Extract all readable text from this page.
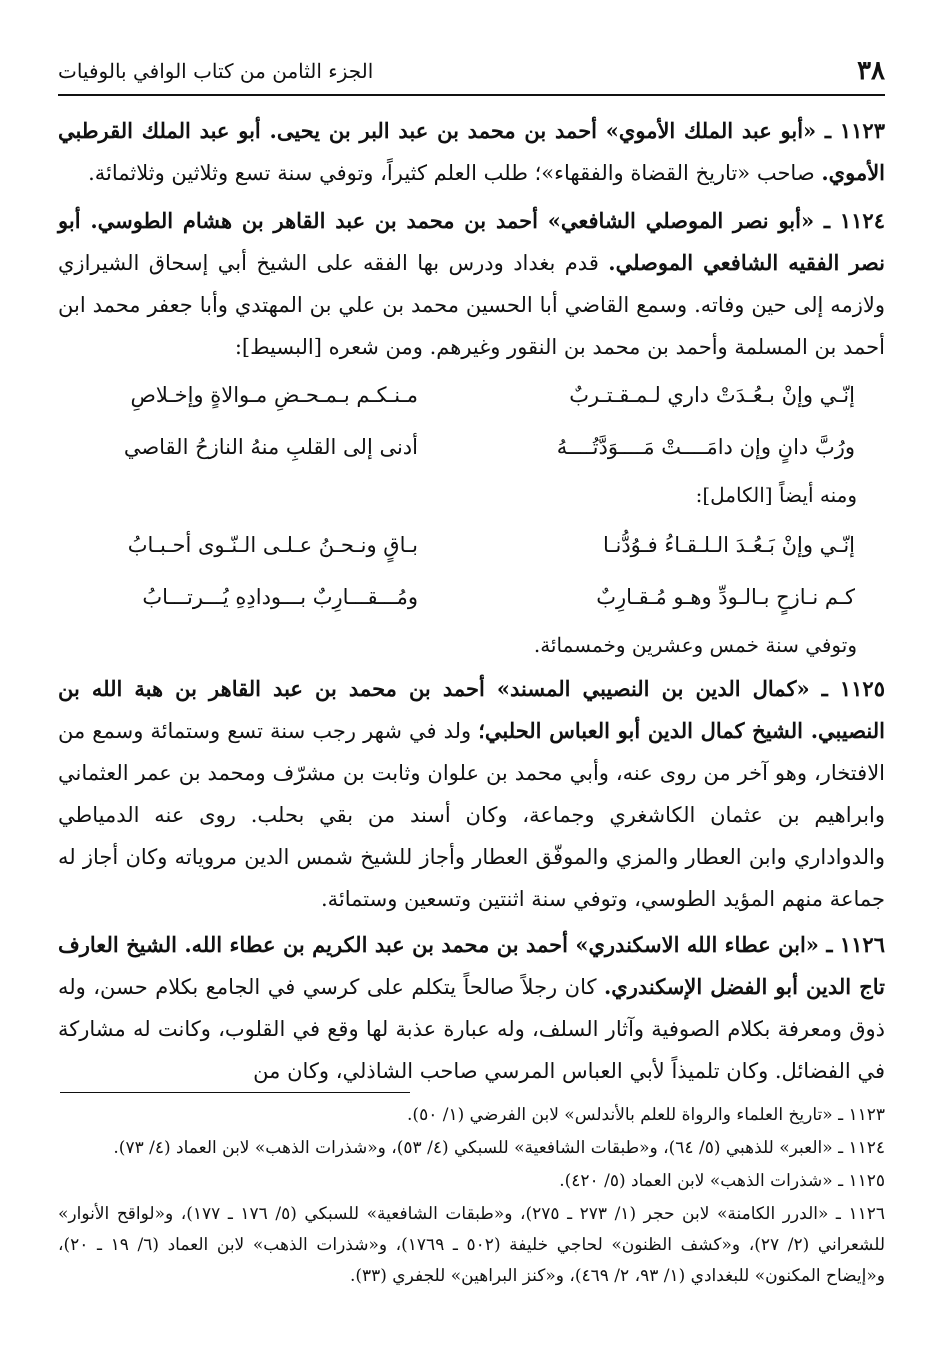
٣٨
الجزء الثامن من كتاب الوافي بالوفيات

١١٢٣ ـ «أبو عبد الملك الأموي» أحمد بن محمد بن عبد البر بن يحيى. أبو عبد الملك القرطبي الأموي. صاحب «تاريخ القضاة والفقهاء»؛ طلب العلم كثيراً، وتوفي سنة تسع وثلاثين وثلاثمائة.

١١٢٤ ـ «أبو نصر الموصلي الشافعي» أحمد بن محمد بن عبد القاهر بن هشام الطوسي. أبو نصر الفقيه الشافعي الموصلي. قدم بغداد ودرس بها الفقه على الشيخ أبي إسحاق الشيرازي ولازمه إلى حين وفاته. وسمع القاضي أبا الحسين محمد بن علي بن المهتدي وأبا جعفر محمد ابن أحمد بن المسلمة وأحمد بن محمد بن النقور وغيرهم. ومن شعره [البسيط]:

إنّـي وإنْ بـعُـدَتْ داري لـمـقـتـربٌ
مـنـكـم بـمـحـضِ مـوالاةٍ وإخـلاصِ
ورُبَّ دانٍ وإن دامَــــتْ مَــــوَدَّتُــــهُ
أدنى إلى القلبِ منهُ النازحُ القاصي

ومنه أيضاً [الكامل]:

إنّـي وإنْ بَـعُـدَ الـلـقـاءُ فـوُدُّنـا
بـاقٍ ونـحـنُ عـلـى الـنّـوى أحـبـابُ
كـم نـازحٍ بـالـودِّ وهـو مُـقـارِبٌ
ومُـــقـــارِبٌ بـــودادِهِ يُـــرتـــابُ

وتوفي سنة خمس وعشرين وخمسمائة.

١١٢٥ ـ «كمال الدين بن النصيبي المسند» أحمد بن محمد بن عبد القاهر بن هبة الله بن النصيبي. الشيخ كمال الدين أبو العباس الحلبي؛ ولد في شهر رجب سنة تسع وستمائة وسمع من الافتخار، وهو آخر من روى عنه، وأبي محمد بن علوان وثابت بن مشرّف ومحمد بن عمر العثماني وابراهيم بن عثمان الكاشغري وجماعة، وكان أسند من بقي بحلب. روى عنه الدمياطي والدواداري وابن العطار والمزي والموفّق العطار وأجاز للشيخ شمس الدين مروياته وكان أجاز له جماعة منهم المؤيد الطوسي، وتوفي سنة اثنتين وتسعين وستمائة.

١١٢٦ ـ «ابن عطاء الله الاسكندري» أحمد بن محمد بن عبد الكريم بن عطاء الله. الشيخ العارف تاج الدين أبو الفضل الإسكندري. كان رجلاً صالحاً يتكلم على كرسي في الجامع بكلام حسن، وله ذوق ومعرفة بكلام الصوفية وآثار السلف، وله عبارة عذبة لها وقع في القلوب، وكانت له مشاركة في الفضائل. وكان تلميذاً لأبي العباس المرسي صاحب الشاذلي، وكان من

١١٢٣ ـ «تاريخ العلماء والرواة للعلم بالأندلس» لابن الفرضي (١/ ٥٠).

١١٢٤ ـ «العبر» للذهبي (٥/ ٦٤)، و«طبقات الشافعية» للسبكي (٤/ ٥٣)، و«شذرات الذهب» لابن العماد (٤/ ٧٣).

١١٢٥ ـ «شذرات الذهب» لابن العماد (٥/ ٤٢٠).

١١٢٦ ـ «الدرر الكامنة» لابن حجر (١/ ٢٧٣ ـ ٢٧٥)، و«طبقات الشافعية» للسبكي (٥/ ١٧٦ ـ ١٧٧)، و«لواقح الأنوار» للشعراني (٢/ ٢٧)، و«كشف الظنون» لحاجي خليفة (٥٠٢ ـ ١٧٦٩)، و«شذرات الذهب» لابن العماد (٦/ ١٩ ـ ٢٠)، و«إيضاح المكنون» للبغدادي (١/ ٩٣، ٢/ ٤٦٩)، و«كنز البراهين» للجفري (٣٣).
